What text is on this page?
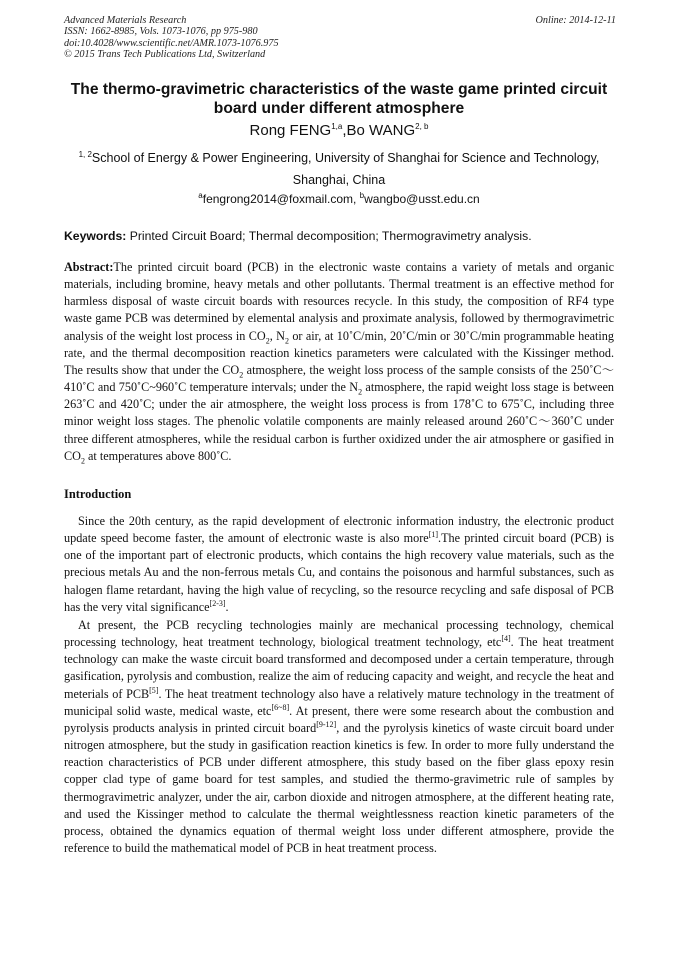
Advanced Materials Research
ISSN: 1662-8985, Vols. 1073-1076, pp 975-980
doi:10.4028/www.scientific.net/AMR.1073-1076.975
© 2015 Trans Tech Publications Ltd, Switzerland
Online: 2014-12-11
The thermo-gravimetric characteristics of the waste game printed circuit board under different atmosphere
Rong FENG$^{1,a}$,Bo WANG$^{2, b}$
$^{1, 2}$School of Energy & Power Engineering, University of Shanghai for Science and Technology,
Shanghai, China
$^a$fengrong2014@foxmail.com, $^b$wangbo@usst.edu.cn
Keywords: Printed Circuit Board; Thermal decomposition; Thermogravimetry analysis.
Abstract:The printed circuit board (PCB) in the electronic waste contains a variety of metals and organic materials, including bromine, heavy metals and other pollutants. Thermal treatment is an effective method for harmless disposal of waste circuit boards with resources recycle. In this study, the composition of RF4 type waste game PCB was determined by elemental analysis and proximate analysis, followed by thermogravimetric analysis of the weight lost process in $CO_2$, $N_2$ or air, at 10˚C/min, 20˚C/min or 30˚C/min programmable heating rate, and the thermal decomposition reaction kinetics parameters were calculated with the Kissinger method. The results show that under the $CO_2$ atmosphere, the weight loss process of the sample consists of the 250˚C～410˚C and 750˚C~960˚C temperature intervals; under the $N_2$ atmosphere, the rapid weight loss stage is between 263˚C and 420˚C; under the air atmosphere, the weight loss process is from 178˚C to 675˚C, including three minor weight loss stages. The phenolic volatile components are mainly released around 260˚C～360˚C under three different atmospheres, while the residual carbon is further oxidized under the air atmosphere or gasified in $CO_2$ at temperatures above 800˚C.
Introduction
Since the 20th century, as the rapid development of electronic information industry, the electronic product update speed become faster, the amount of electronic waste is also more[1].The printed circuit board (PCB) is one of the important part of electronic products, which contains the high recovery value materials, such as the precious metals Au and the non-ferrous metals Cu, and contains the poisonous and harmful substances, such as halogen flame retardant, having the high value of recycling, so the resource recycling and safe disposal of PCB has the very vital significance[2-3].
At present, the PCB recycling technologies mainly are mechanical processing technology, chemical processing technology, heat treatment technology, biological treatment technology, etc[4]. The heat treatment technology can make the waste circuit board transformed and decomposed under a certain temperature, through gasification, pyrolysis and combustion, realize the aim of reducing capacity and weight, and recycle the heat and meterials of PCB[5]. The heat treatment technology also have a relatively mature technology in the treatment of municipal solid waste, medical waste, etc[6~8]. At present, there were some research about the combustion and pyrolysis products analysis in printed circuit board[9-12], and the pyrolysis kinetics of waste circuit board under nitrogen atmosphere, but the study in gasification reaction kinetics is few. In order to more fully understand the reaction characteristics of PCB under different atmosphere, this study based on the fiber glass epoxy resin copper clad type of game board for test samples, and studied the thermo-gravimetric rule of samples by thermogravimetric analyzer, under the air, carbon dioxide and nitrogen atmosphere, at the different heating rate, and used the Kissinger method to calculate the thermal weightlessness reaction kinetic parameters of the process, obtained the dynamics equation of thermal weight loss under different atmosphere, provide the reference to build the mathematical model of PCB in heat treatment process.
